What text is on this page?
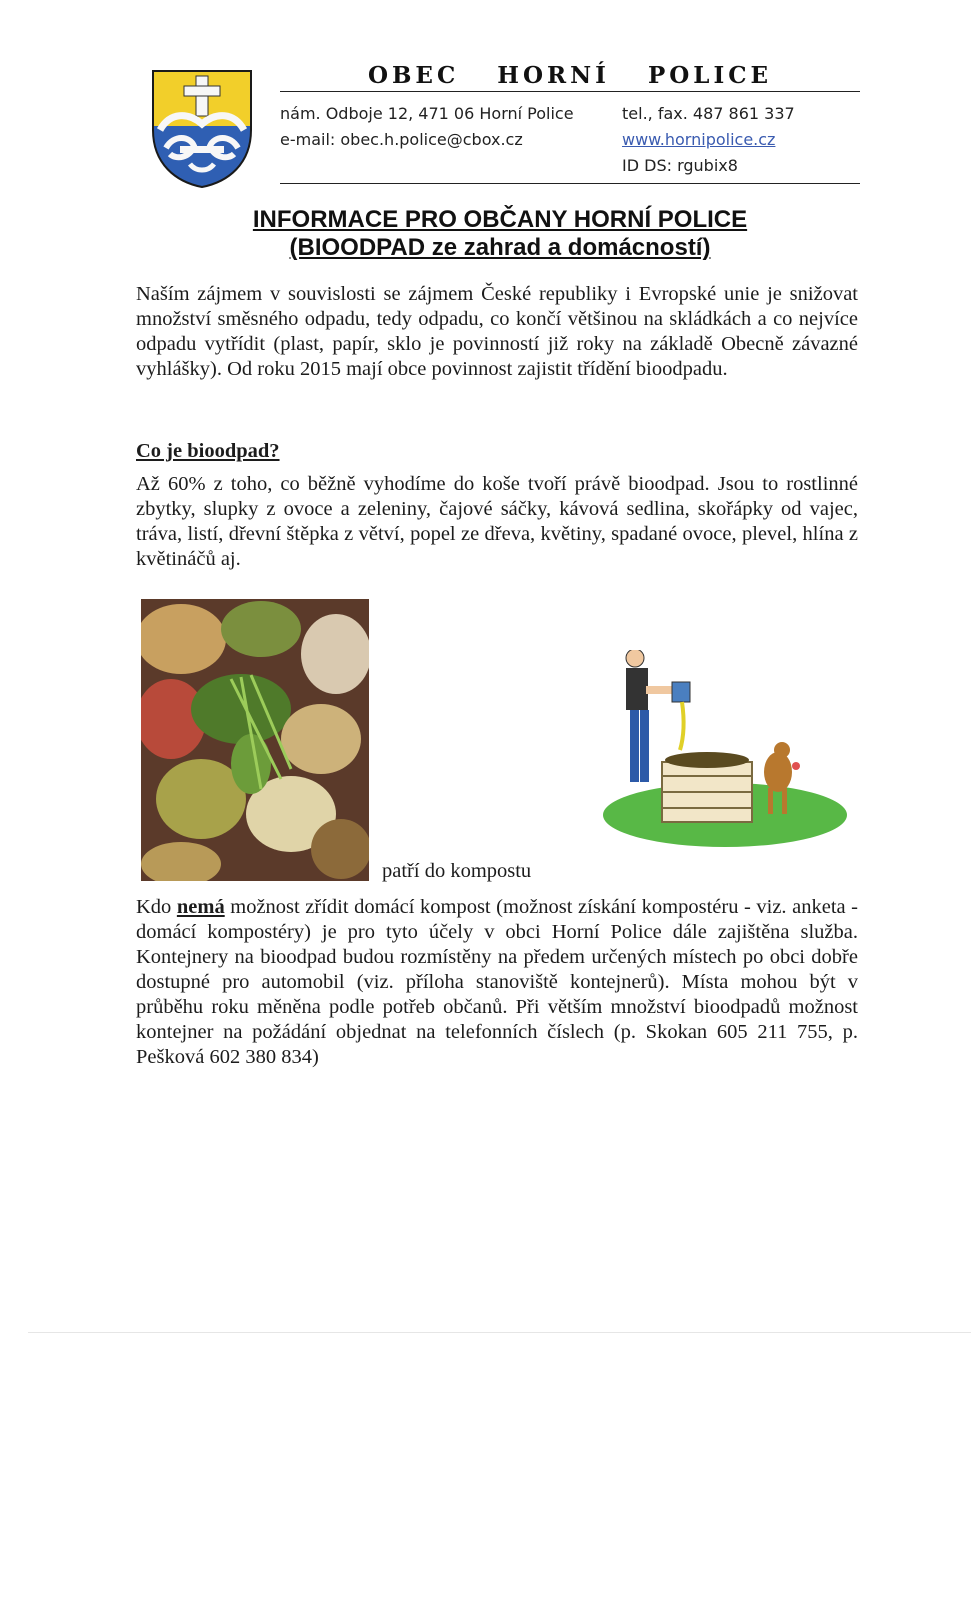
OBEC HORNÍ POLICE
nám. Odboje 12, 471 06 Horní Police
e-mail: obec.h.police@cbox.cz
tel., fax. 487 861 337
www.hornipolice.cz
ID DS: rgubix8
INFORMACE PRO OBČANY HORNÍ POLICE
(BIOODPAD ze zahrad a domácností)
Naším zájmem v souvislosti se zájmem České republiky i Evropské unie je snižovat množství směsného odpadu, tedy odpadu, co končí většinou na skládkách a co nejvíce odpadu vytřídit (plast, papír, sklo je povinností již roky na základě Obecně závazné vyhlášky). Od roku 2015 mají obce povinnost zajistit třídění bioodpadu.
Co je bioodpad?
Až 60% z toho, co běžně vyhodíme do koše tvoří právě bioodpad. Jsou to rostlinné zbytky, slupky z ovoce a zeleniny, čajové sáčky, kávová sedlina, skořápky od vajec, tráva, listí, dřevní štěpka z větví, popel ze dřeva, květiny, spadané ovoce, plevel, hlína z květináčů aj.
patří do kompostu
Kdo nemá možnost zřídit domácí kompost (možnost získání kompostéru - viz. anketa - domácí kompostéry) je pro tyto účely v obci Horní Police dále zajištěna služba. Kontejnery na bioodpad budou rozmístěny na předem určených místech po obci dobře dostupné pro automobil (viz. příloha stanoviště kontejnerů). Místa mohou být v průběhu roku měněna podle potřeb občanů. Při větším množství bioodpadů možnost kontejner na požádání objednat na telefonních číslech (p. Skokan 605 211 755, p. Pešková 602 380 834)
